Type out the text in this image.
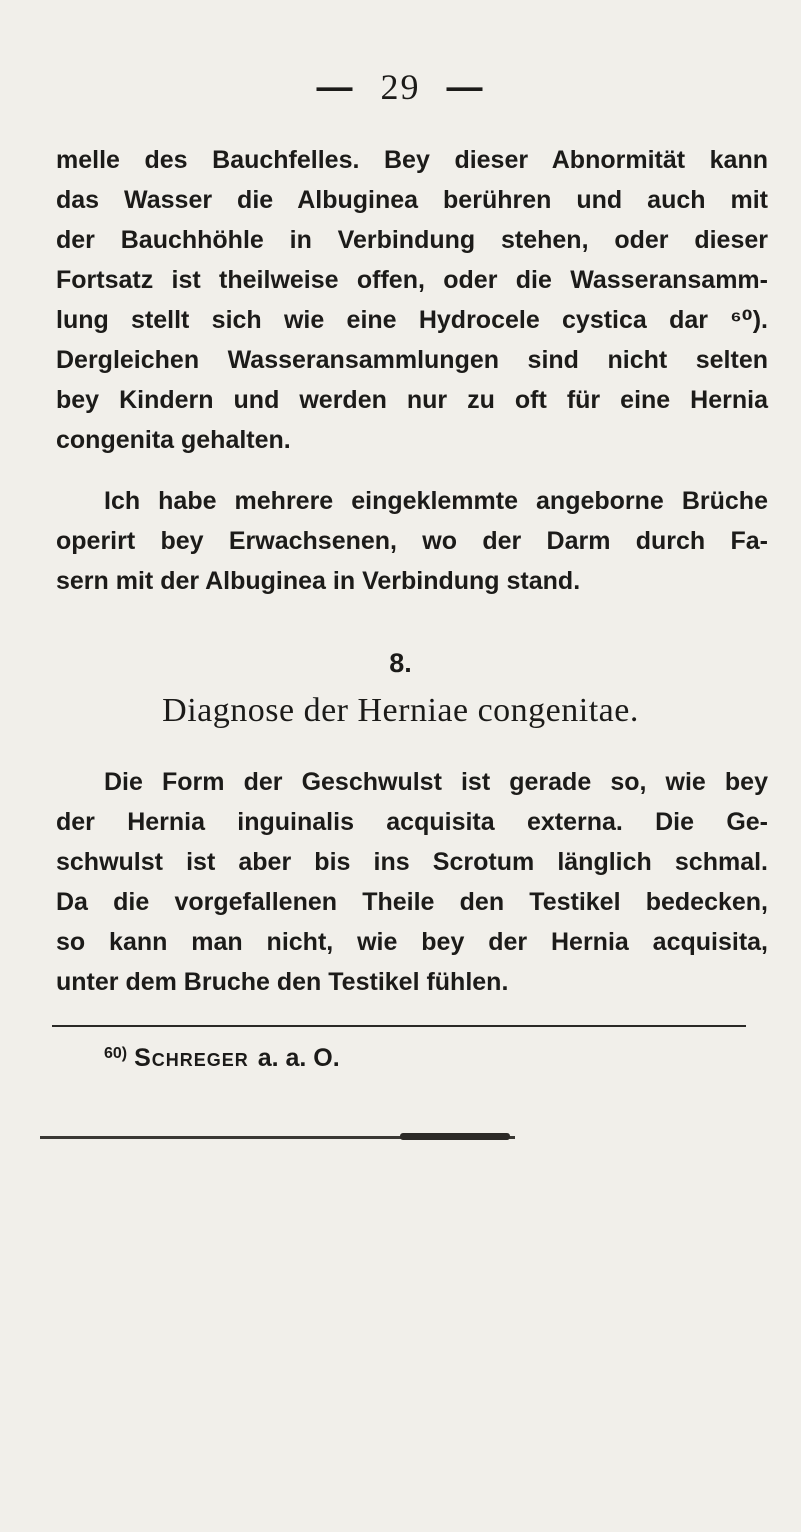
— 29 —

melle des Bauchfelles. Bey dieser Abnormität kann
das Wasser die Albuginea berühren und auch mit
der Bauchhöhle in Verbindung stehen, oder dieser
Fortsatz ist theilweise offen, oder die Wasseransamm-
lung stellt sich wie eine Hydrocele cystica dar ⁶⁰).
Dergleichen Wasseransammlungen sind nicht selten
bey Kindern und werden nur zu oft für eine Hernia
congenita gehalten.

Ich habe mehrere eingeklemmte angeborne Brüche
operirt bey Erwachsenen, wo der Darm durch Fa-
sern mit der Albuginea in Verbindung stand.

8.
Diagnose der Herniae congenitae.

Die Form der Geschwulst ist gerade so, wie bey
der Hernia inguinalis acquisita externa. Die Ge-
schwulst ist aber bis ins Scrotum länglich schmal.
Da die vorgefallenen Theile den Testikel bedecken,
so kann man nicht, wie bey der Hernia acquisita,
unter dem Bruche den Testikel fühlen.

$^{60)}$ Schreger a. a. O.
